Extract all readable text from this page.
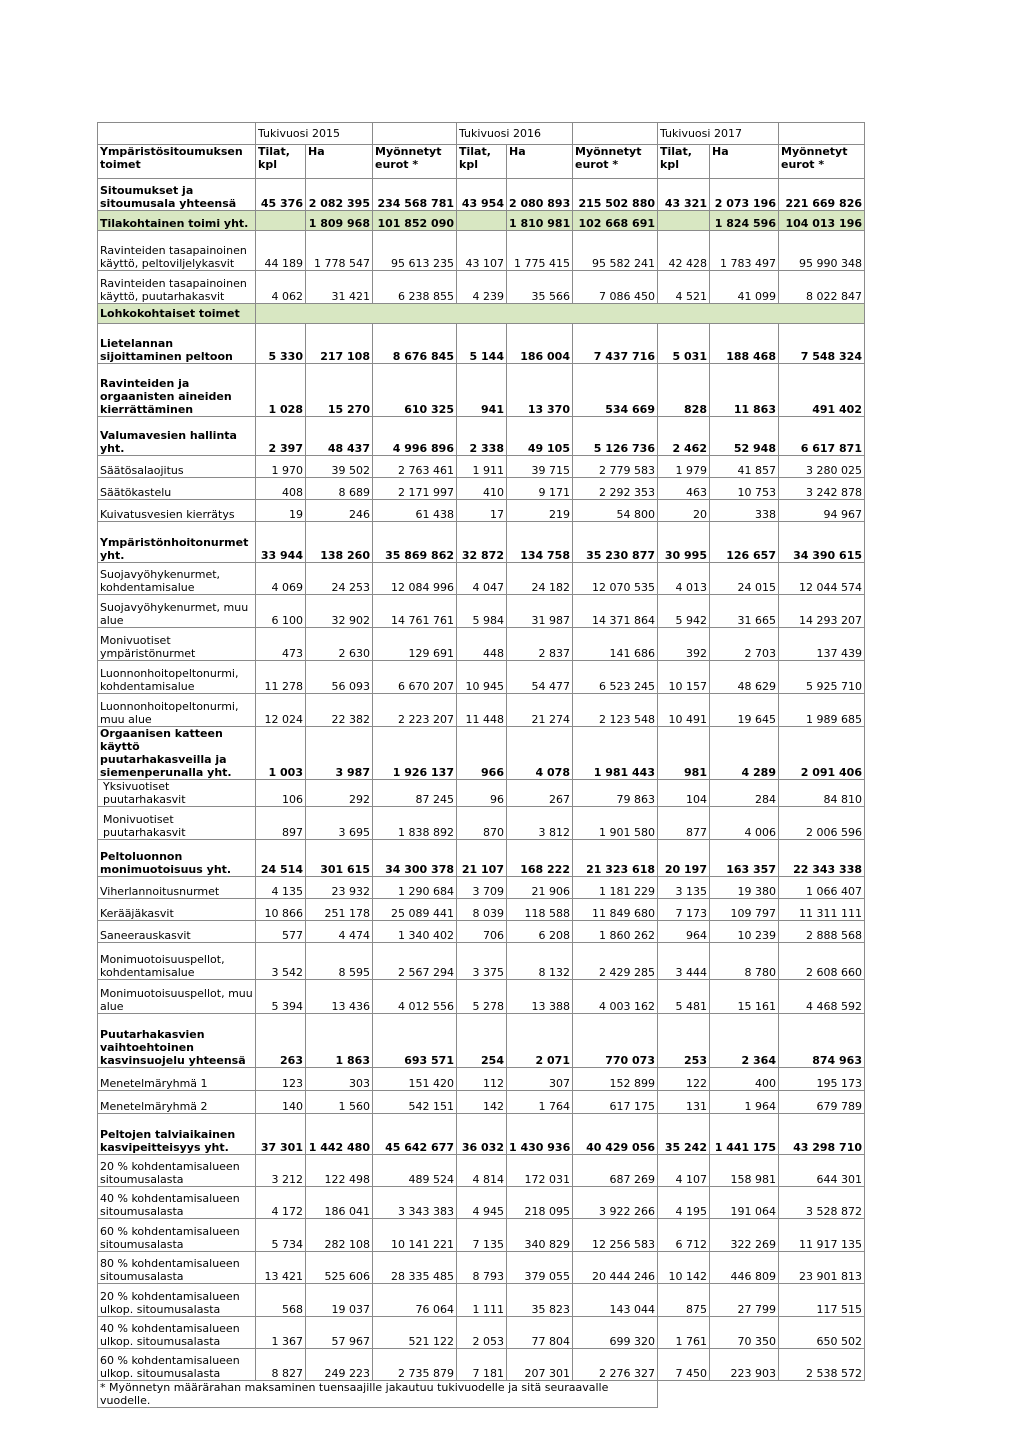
	Tukivuosi 2015			Tukivuosi 2016			Tukivuosi 2017		
Ympäristösitoumuksen toimet	Tilat, kpl	Ha	Myönnetyt eurot *	Tilat, kpl	Ha	Myönnetyt eurot *	Tilat, kpl	Ha	Myönnetyt eurot *
Sitoumukset ja sitoumusala yhteensä	45 376	2 082 395	234 568 781	43 954	2 080 893	215 502 880	43 321	2 073 196	221 669 826
Tilakohtainen toimi yht.		1 809 968	101 852 090		1 810 981	102 668 691		1 824 596	104 013 196
Ravinteiden tasapainoinen käyttö, peltoviljelykasvit	44 189	1 778 547	95 613 235	43 107	1 775 415	95 582 241	42 428	1 783 497	95 990 348
Ravinteiden tasapainoinen käyttö, puutarhakasvit	4 062	31 421	6 238 855	4 239	35 566	7 086 450	4 521	41 099	8 022 847
Lohkokohtaiset toimet									
Lietelannan sijoittaminen peltoon	5 330	217 108	8 676 845	5 144	186 004	7 437 716	5 031	188 468	7 548 324
Ravinteiden ja orgaanisten aineiden kierrättäminen	1 028	15 270	610 325	941	13 370	534 669	828	11 863	491 402
Valumavesien hallinta yht.	2 397	48 437	4 996 896	2 338	49 105	5 126 736	2 462	52 948	6 617 871
Säätösalaojitus	1 970	39 502	2 763 461	1 911	39 715	2 779 583	1 979	41 857	3 280 025
Säätökastelu	408	8 689	2 171 997	410	9 171	2 292 353	463	10 753	3 242 878
Kuivatusvesien kierrätys	19	246	61 438	17	219	54 800	20	338	94 967
Ympäristönhoitonurmet yht.	33 944	138 260	35 869 862	32 872	134 758	35 230 877	30 995	126 657	34 390 615
Suojavyöhykenurmet, kohdentamisalue	4 069	24 253	12 084 996	4 047	24 182	12 070 535	4 013	24 015	12 044 574
Suojavyöhykenurmet, muu alue	6 100	32 902	14 761 761	5 984	31 987	14 371 864	5 942	31 665	14 293 207
Monivuotiset ympäristönurmet	473	2 630	129 691	448	2 837	141 686	392	2 703	137 439
Luonnonhoitopeltonurmi, kohdentamisalue	11 278	56 093	6 670 207	10 945	54 477	6 523 245	10 157	48 629	5 925 710
Luonnonhoitopeltonurmi, muu alue	12 024	22 382	2 223 207	11 448	21 274	2 123 548	10 491	19 645	1 989 685
Orgaanisen katteen käyttö puutarhakasveilla ja siemenperunalla yht.	1 003	3 987	1 926 137	966	4 078	1 981 443	981	4 289	2 091 406
Yksivuotiset puutarhakasvit	106	292	87 245	96	267	79 863	104	284	84 810
Monivuotiset puutarhakasvit	897	3 695	1 838 892	870	3 812	1 901 580	877	4 006	2 006 596
Peltoluonnon monimuotoisuus yht.	24 514	301 615	34 300 378	21 107	168 222	21 323 618	20 197	163 357	22 343 338
Viherlannoitusnurmet	4 135	23 932	1 290 684	3 709	21 906	1 181 229	3 135	19 380	1 066 407
Kerääjäkasvit	10 866	251 178	25 089 441	8 039	118 588	11 849 680	7 173	109 797	11 311 111
Saneerauskasvit	577	4 474	1 340 402	706	6 208	1 860 262	964	10 239	2 888 568
Monimuotoisuuspellot, kohdentamisalue	3 542	8 595	2 567 294	3 375	8 132	2 429 285	3 444	8 780	2 608 660
Monimuotoisuuspellot, muu alue	5 394	13 436	4 012 556	5 278	13 388	4 003 162	5 481	15 161	4 468 592
Puutarhakasvien vaihtoehtoinen kasvinsuojelu yhteensä	263	1 863	693 571	254	2 071	770 073	253	2 364	874 963
Menetelmäryhmä 1	123	303	151 420	112	307	152 899	122	400	195 173
Menetelmäryhmä 2	140	1 560	542 151	142	1 764	617 175	131	1 964	679 789
Peltojen talviaikainen kasvipeitteisyys yht.	37 301	1 442 480	45 642 677	36 032	1 430 936	40 429 056	35 242	1 441 175	43 298 710
20 % kohdentamisalueen sitoumusalasta	3 212	122 498	489 524	4 814	172 031	687 269	4 107	158 981	644 301
40 % kohdentamisalueen sitoumusalasta	4 172	186 041	3 343 383	4 945	218 095	3 922 266	4 195	191 064	3 528 872
60 % kohdentamisalueen sitoumusalasta	5 734	282 108	10 141 221	7 135	340 829	12 256 583	6 712	322 269	11 917 135
80 % kohdentamisalueen sitoumusalasta	13 421	525 606	28 335 485	8 793	379 055	20 444 246	10 142	446 809	23 901 813
20 % kohdentamisalueen ulkop. sitoumusalasta	568	19 037	76 064	1 111	35 823	143 044	875	27 799	117 515
40 % kohdentamisalueen ulkop. sitoumusalasta	1 367	57 967	521 122	2 053	77 804	699 320	1 761	70 350	650 502
60 % kohdentamisalueen ulkop. sitoumusalasta	8 827	249 223	2 735 879	7 181	207 301	2 276 327	7 450	223 903	2 538 572
* Myönnetyn määrärahan maksaminen tuensaajille jakautuu tukivuodelle ja sitä seuraavalle vuodelle.									
